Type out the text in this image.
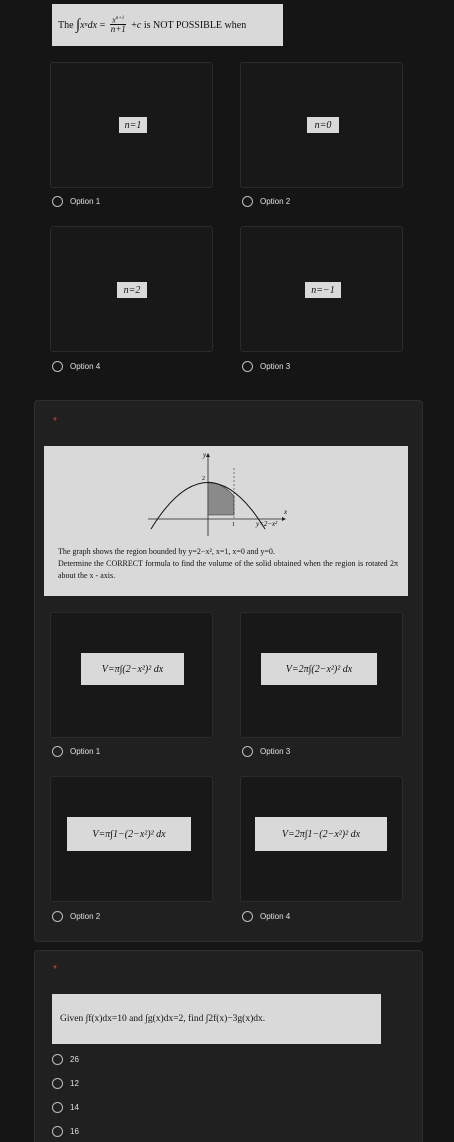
The
∫ x n dx = $\frac{x^{n+1}}{n+1} + c$
is NOT POSSIBLE when
n=1	n=0
Option 1	Option 2
n=2	n=−1
Option 4	Option 3
*
y
x
2
1	y=2−x²
The graph shows the region bounded by y=2−x², x=1, x=0 and y=0.
Determine the CORRECT formula to find the volume of the solid obtained when the region is rotated 2π about the x - axis.
V=π∫(2−x²)² dx	V=2π∫(2−x²)² dx
Option 1	Option 3
V=π∫1−(2−x²)² dx	V=2π∫1−(2−x²)² dx
Option 2	Option 4
*
Given ∫f(x)dx=10 and ∫g(x)dx=2, find ∫2f(x)−3g(x)dx.
26
12
14
16
